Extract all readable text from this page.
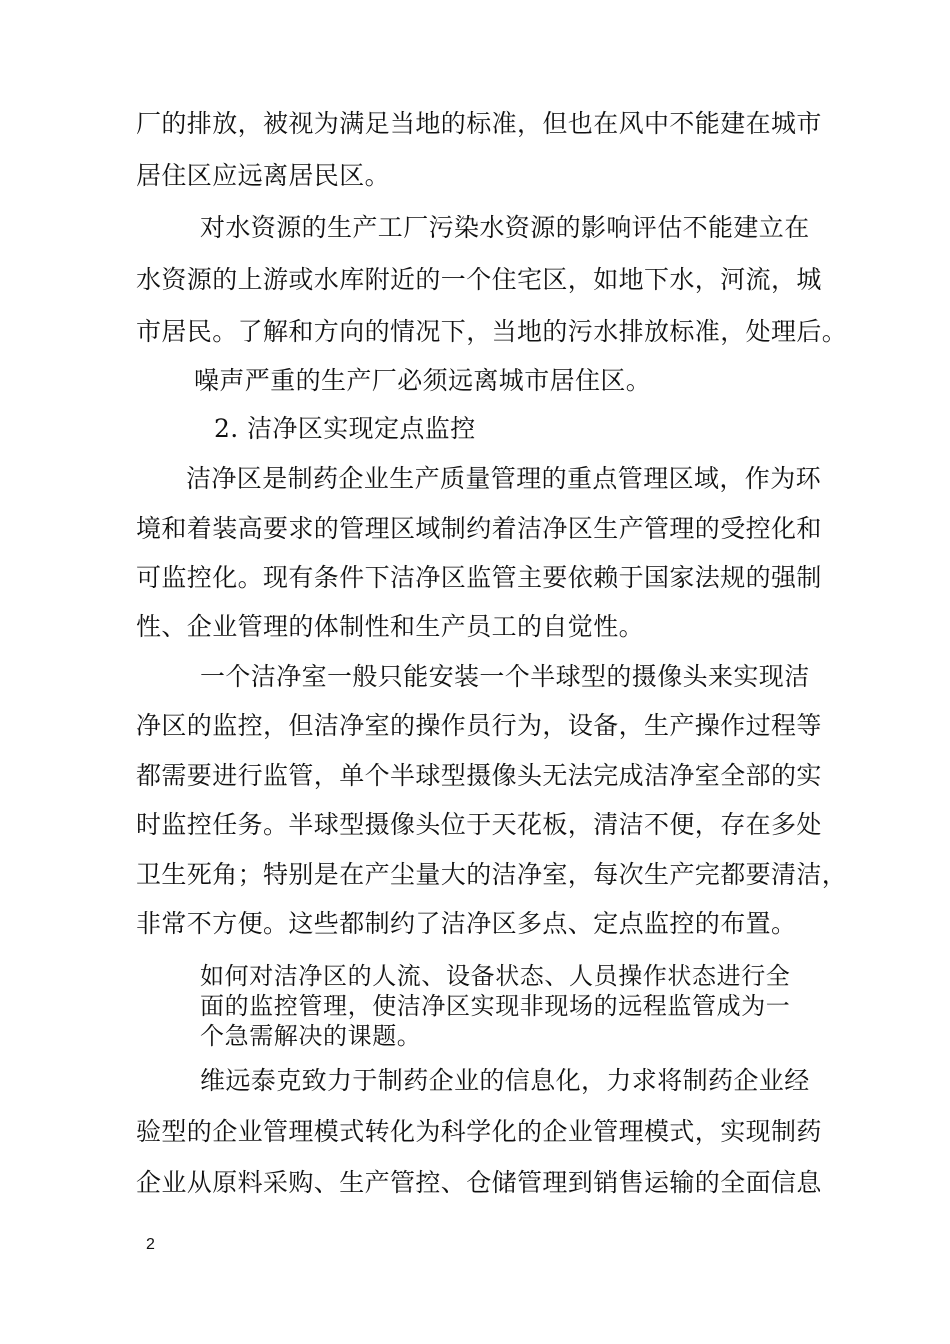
厂的排放，被视为满足当地的标准，但也在风中不能建在城市
居住区应远离居民区。
对水资源的生产工厂污染水资源的影响评估不能建立在
水资源的上游或水库附近的一个住宅区，如地下水，河流，城
市居民。了解和方向的情况下，当地的污水排放标准，处理后。
噪声严重的生产厂必须远离城市居住区。
2. 洁净区实现定点监控
洁净区是制药企业生产质量管理的重点管理区域，作为环
境和着装高要求的管理区域制约着洁净区生产管理的受控化和
可监控化。现有条件下洁净区监管主要依赖于国家法规的强制
性、企业管理的体制性和生产员工的自觉性。
一个洁净室一般只能安装一个半球型的摄像头来实现洁
净区的监控，但洁净室的操作员行为，设备，生产操作过程等
都需要进行监管，单个半球型摄像头无法完成洁净室全部的实
时监控任务。半球型摄像头位于天花板，清洁不便，存在多处
卫生死角；特别是在产尘量大的洁净室，每次生产完都要清洁，
非常不方便。这些都制约了洁净区多点、定点监控的布置。
如何对洁净区的人流、设备状态、人员操作状态进行全
面的监控管理，使洁净区实现非现场的远程监管成为一
个急需解决的课题。
维远泰克致力于制药企业的信息化，力求将制药企业经
验型的企业管理模式转化为科学化的企业管理模式，实现制药
企业从原料采购、生产管控、仓储管理到销售运输的全面信息
2
